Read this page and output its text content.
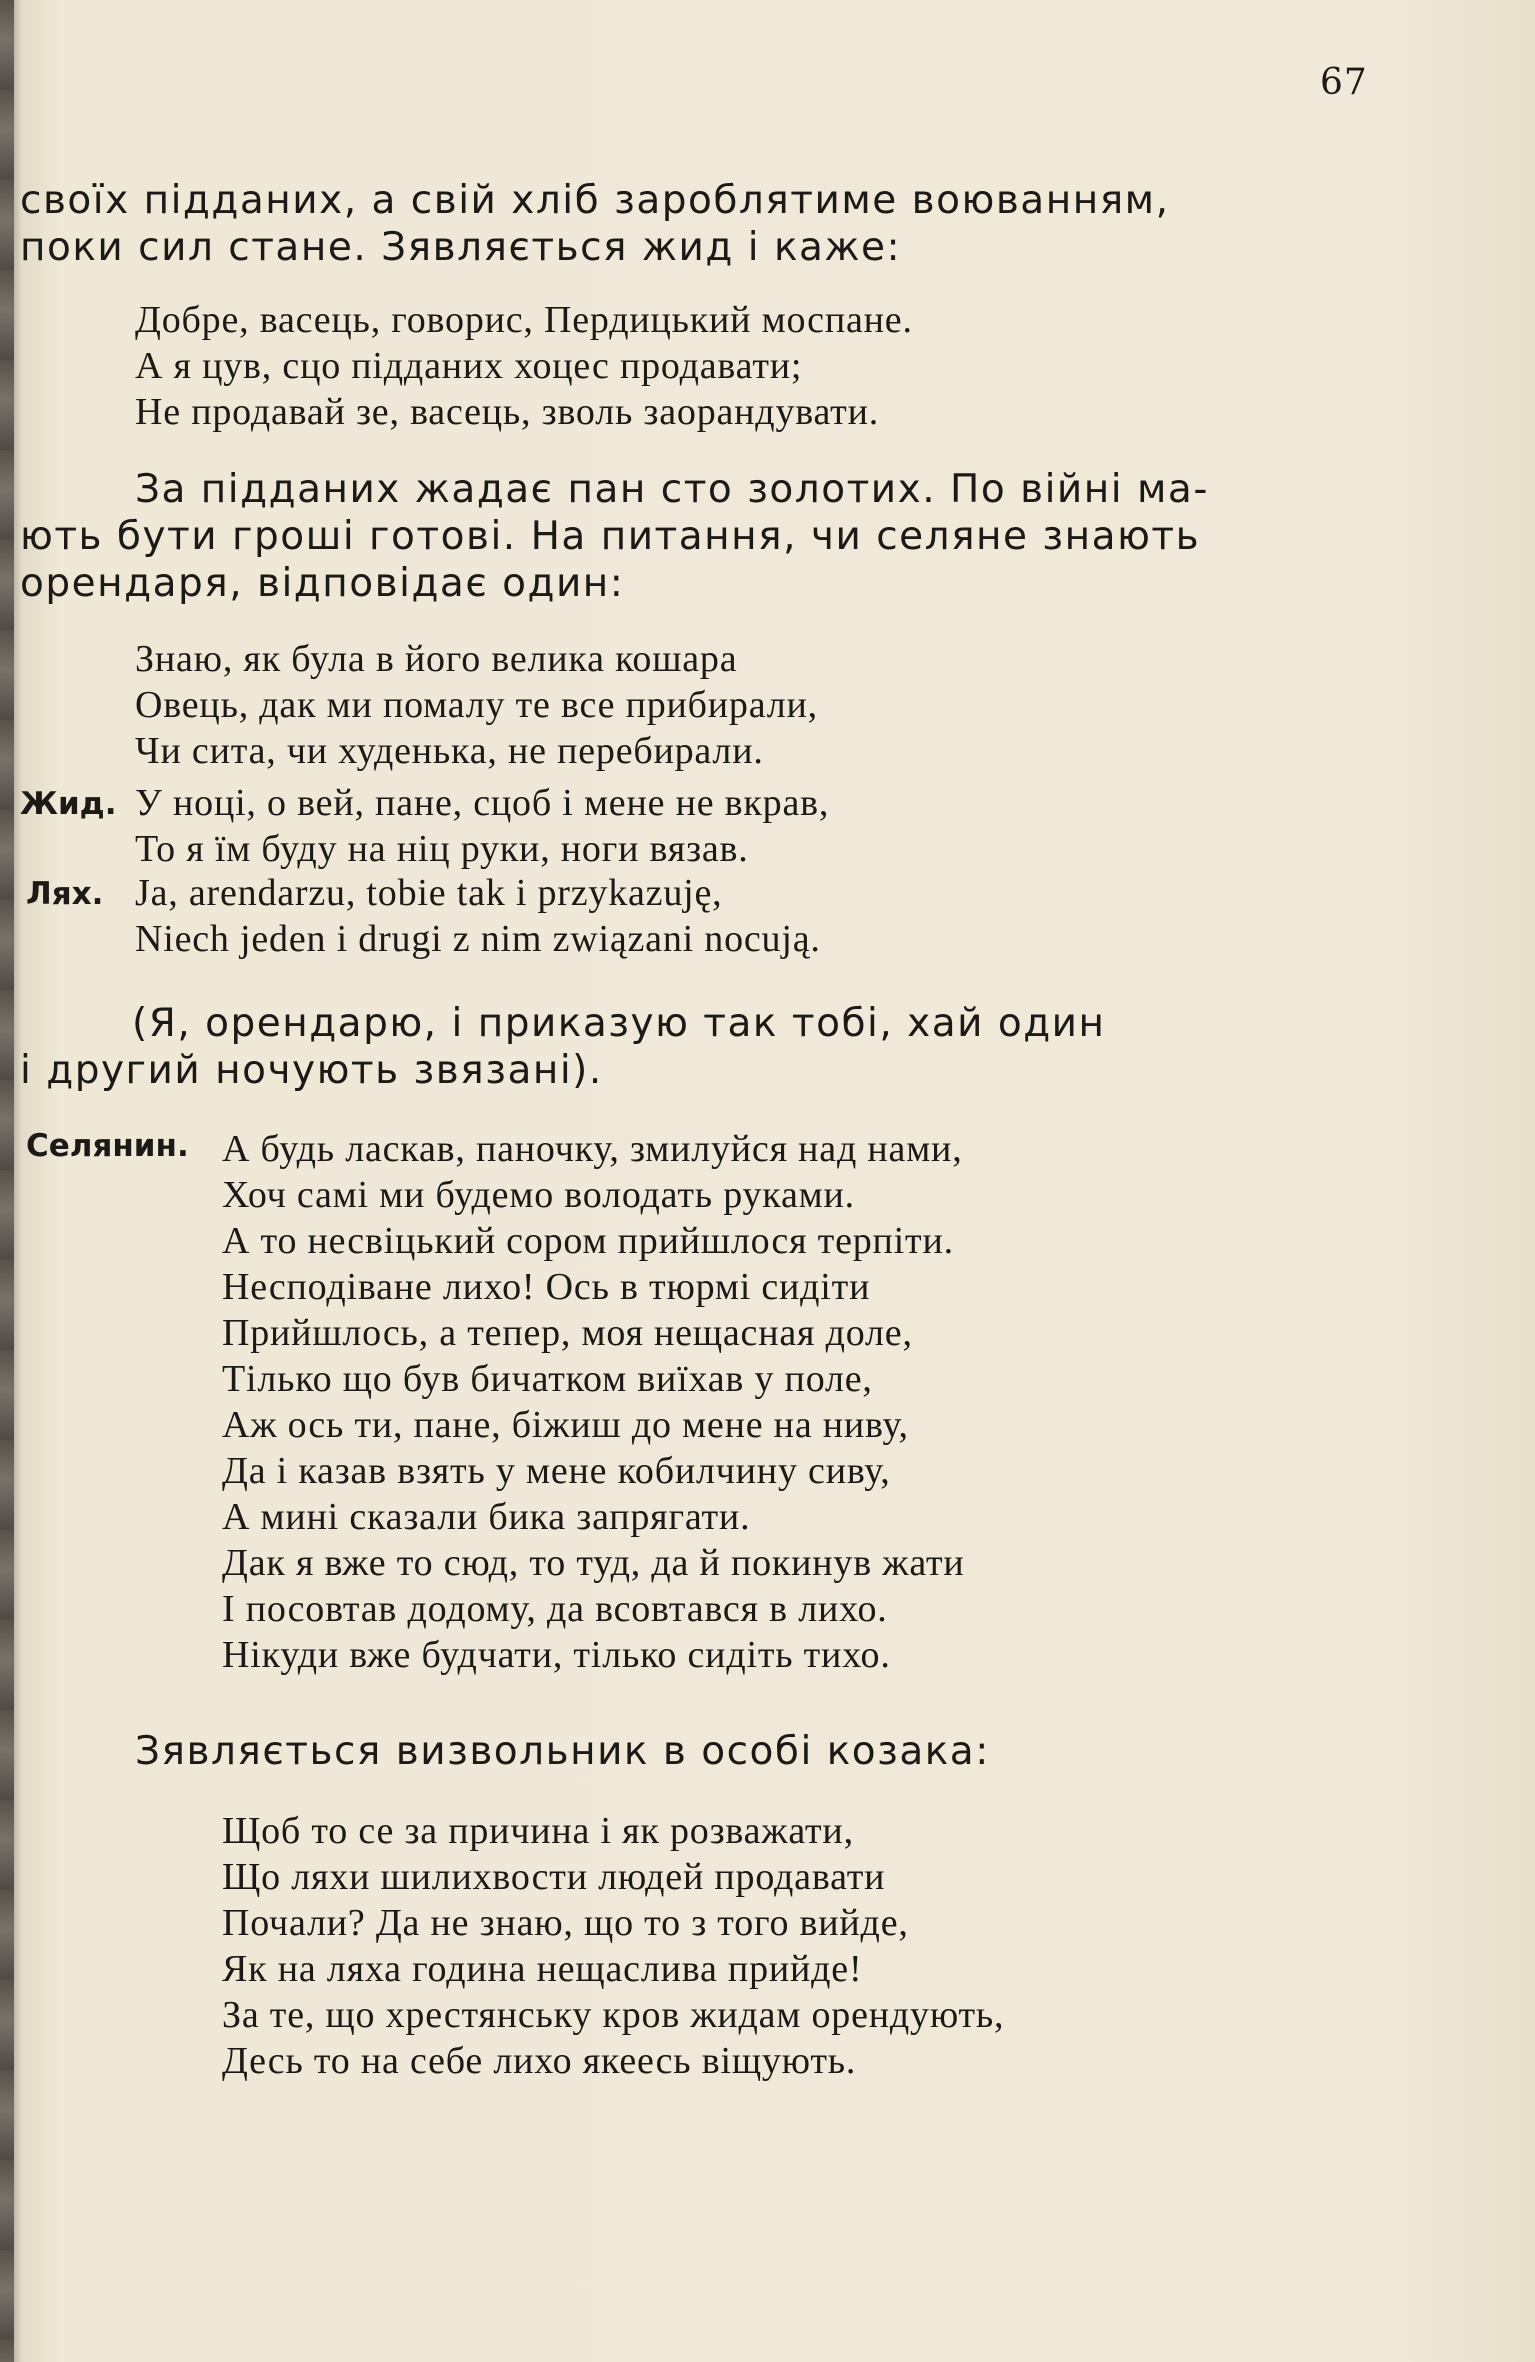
67
своїх підданих, а свій хліб зароблятиме воюванням,
поки сил стане. Зявляється жид і каже:
Добре, васець, говорис, Пердицький моспане.
А я цув, сцо підданих хоцес продавати;
Не продавай зе, васець, зволь заорандувати.
За підданих жадає пан сто золотих. По війні ма-
ють бути гроші готові. На питання, чи селяне знають
орендаря, відповідає один:
Знаю, як була в його велика кошара
Овець, дак ми помалу те все прибирали,
Чи сита, чи худенька, не перебирали.
Жид. У ноці, о вей, пане, сцоб і мене не вкрав,
То я їм буду на ніц руки, ноги вязав.
Лях. Ja, arendarzu, tobie tak i przykazuję,
Niech jeden i drugi z nim związani nocują.
(Я, орендарю, і приказую так тобі, хай один
і другий ночують звязані).
Селянин. А будь ласкав, паночку, змилуйся над нами,
Хоч самі ми будемо володать руками.
А то несвіцький сором прийшлося терпіти.
Несподіване лихо! Ось в тюрмі сидіти
Прийшлось, а тепер, моя нещасная доле,
Тілько що був бичатком виїхав у поле,
Аж ось ти, пане, біжиш до мене на ниву,
Да і казав взять у мене кобилчину сиву,
А мині сказали бика запрягати.
Дак я вже то сюд, то туд, да й покинув жати
І посовтав додому, да всовтався в лихо.
Нікуди вже будчати, тілько сидіть тихо.
Зявляється визвольник в особі козака:
Щоб то се за причина і як розважати,
Що ляхи шилихвости людей продавати
Почали? Да не знаю, що то з того вийде,
Як на ляха година нещаслива прийде!
За те, що хрестянську кров жидам орендують,
Десь то на себе лихо якеесь віщують.
